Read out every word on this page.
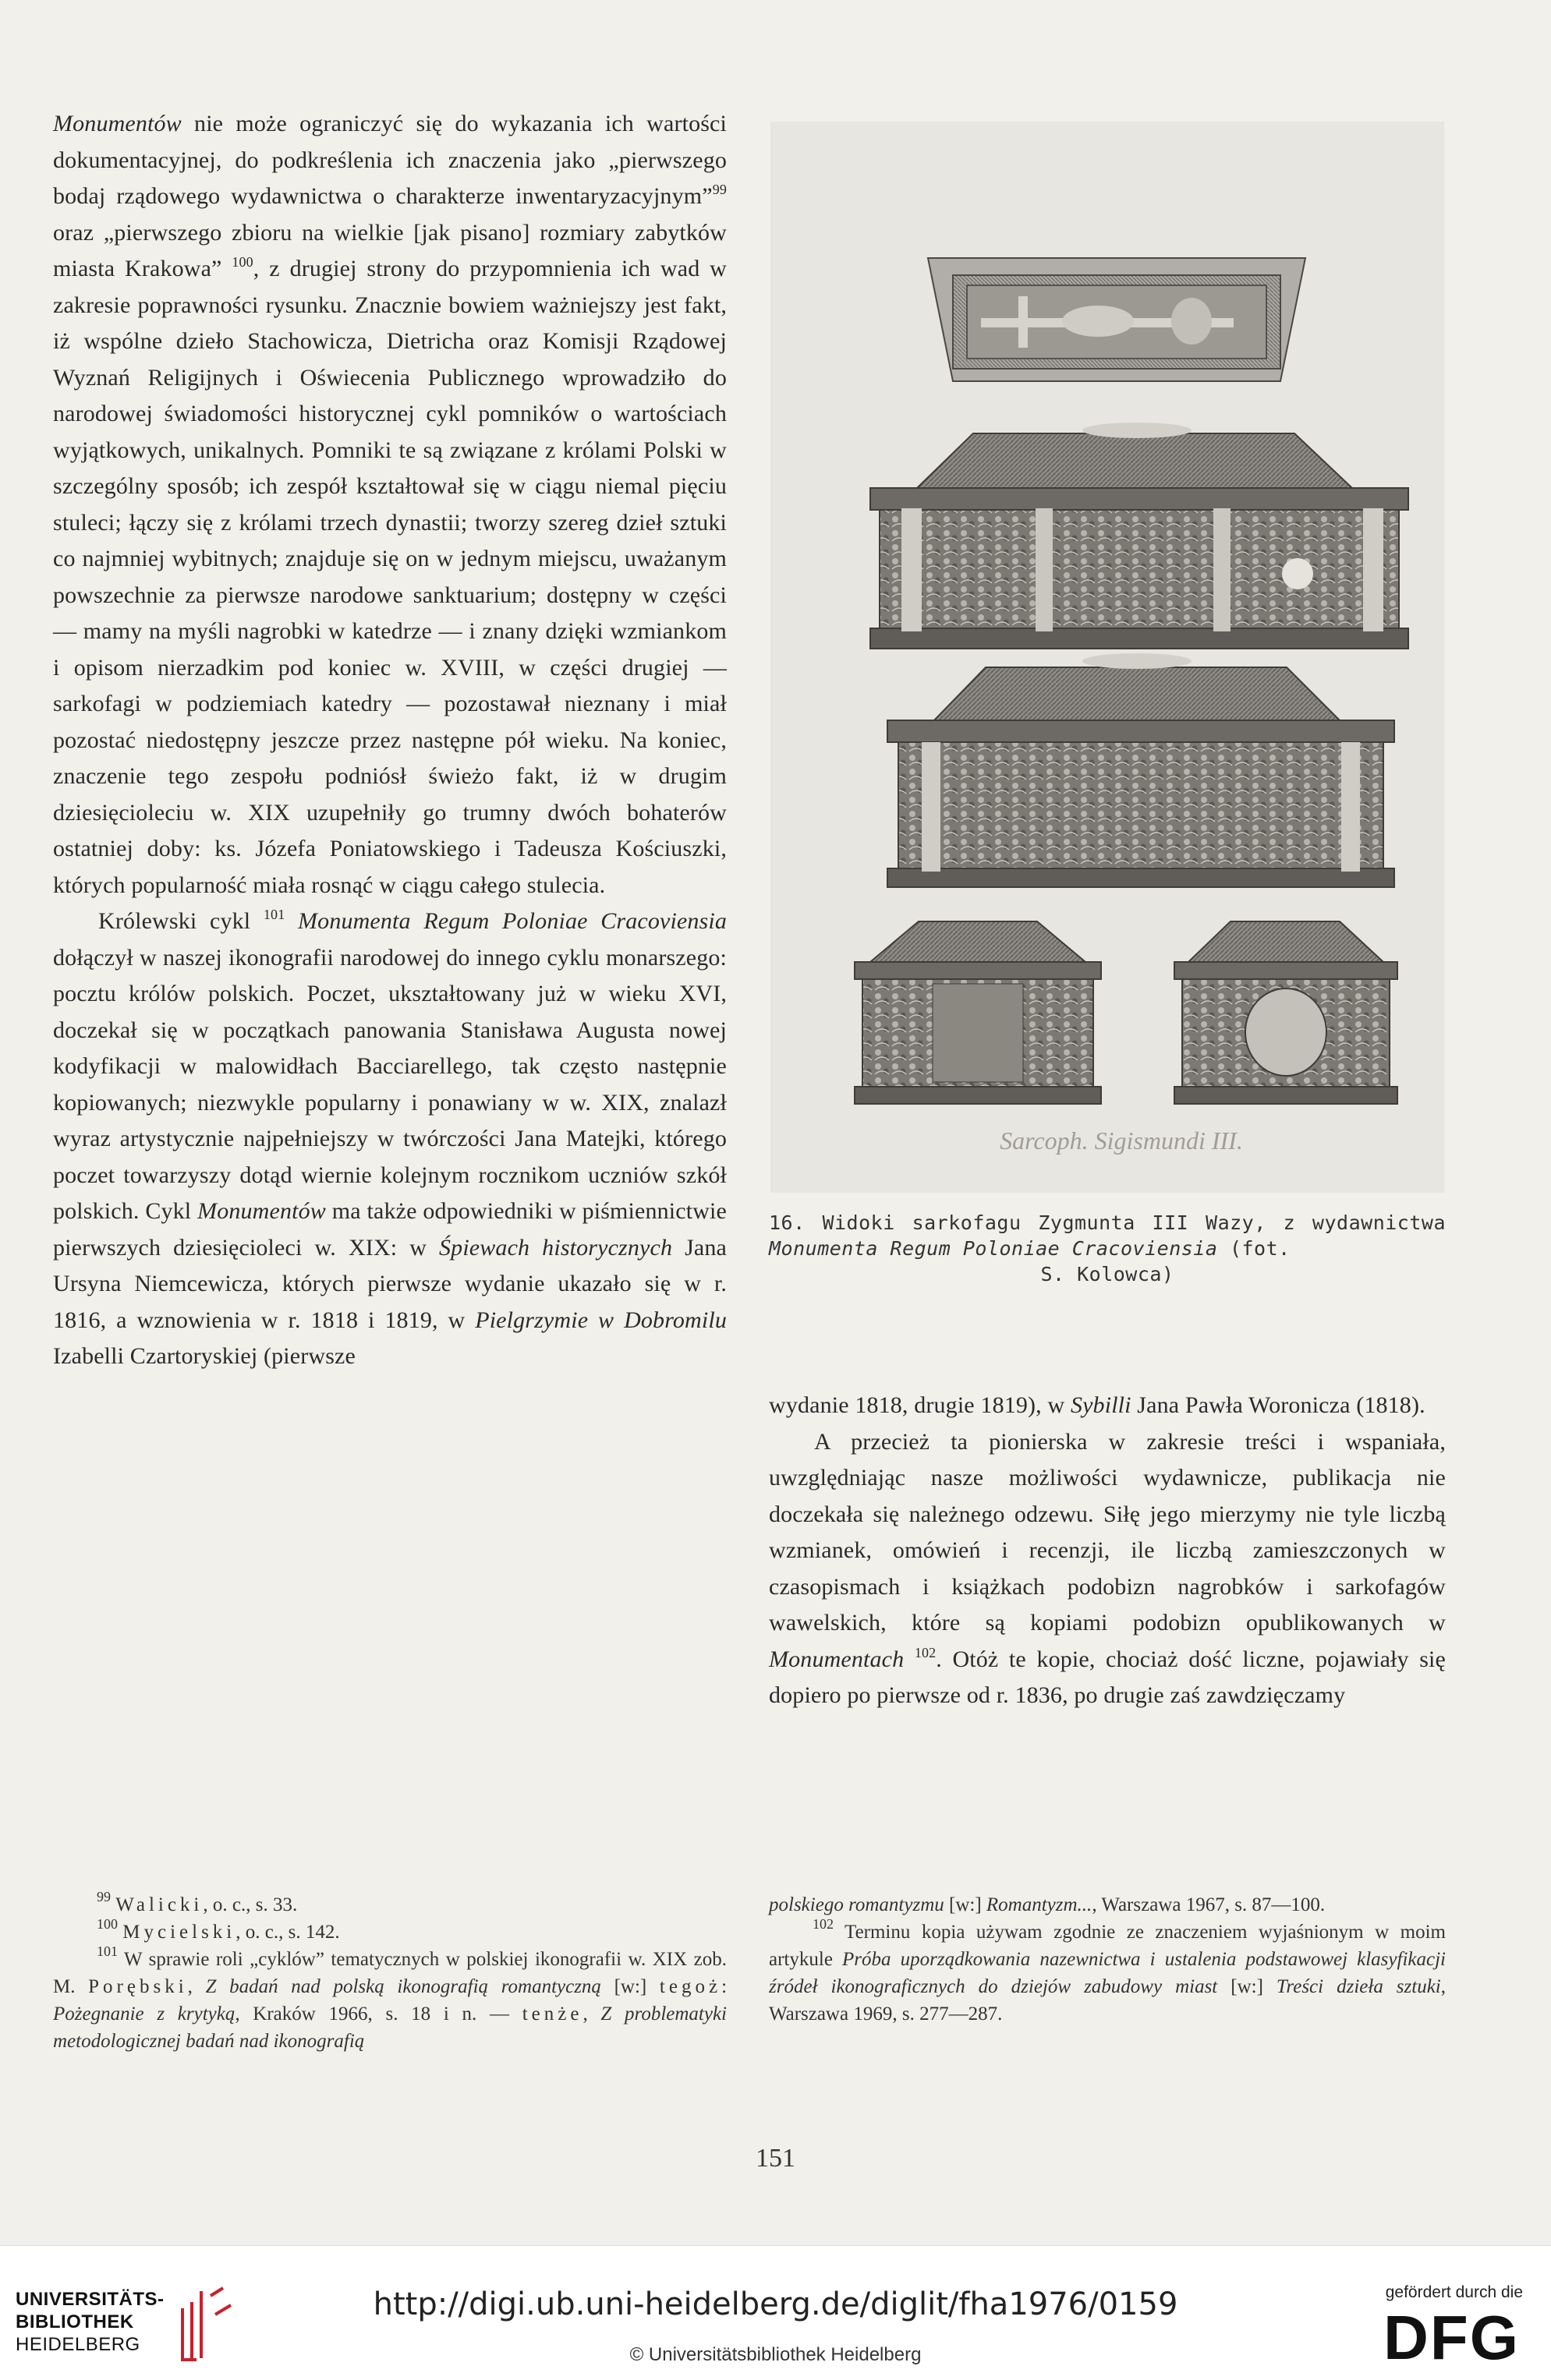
Monumentów nie może ograniczyć się do wykazania ich wartości dokumentacyjnej, do podkreślenia ich znaczenia jako „pierwszego bodaj rządowego wydawnictwa o charakterze inwentaryzacyjnym”$^{99}$ oraz „pierwszego zbioru na wielkie [jak pisano] rozmiary zabytków miasta Krakowa” $^{100}$, z drugiej strony do przypomnienia ich wad w zakresie poprawności rysunku. Znacznie bowiem ważniejszy jest fakt, iż wspólne dzieło Stachowicza, Dietricha oraz Komisji Rządowej Wyznań Religijnych i Oświecenia Publicznego wprowadziło do narodowej świadomości historycznej cykl pomników o wartościach wyjątkowych, unikalnych. Pomniki te są związane z królami Polski w szczególny sposób; ich zespół kształtował się w ciągu niemal pięciu stuleci; łączy się z królami trzech dynastii; tworzy szereg dzieł sztuki co najmniej wybitnych; znajduje się on w jednym miejscu, uważanym powszechnie za pierwsze narodowe sanktuarium; dostępny w części — mamy na myśli nagrobki w katedrze — i znany dzięki wzmiankom i opisom nierzadkim pod koniec w. XVIII, w części drugiej — sarkofagi w podziemiach katedry — pozostawał nieznany i miał pozostać niedostępny jeszcze przez następne pół wieku. Na koniec, znaczenie tego zespołu podniósł świeżo fakt, iż w drugim dziesięcioleciu w. XIX uzupełniły go trumny dwóch bohaterów ostatniej doby: ks. Józefa Poniatowskiego i Tadeusza Kościuszki, których popularność miała rosnąć w ciągu całego stulecia.

Królewski cykl $^{101}$ Monumenta Regum Poloniae Cracoviensia dołączył w naszej ikonografii narodowej do innego cyklu monarszego: pocztu królów polskich. Poczet, ukształtowany już w wieku XVI, doczekał się w początkach panowania Stanisława Augusta nowej kodyfikacji w malowidłach Bacciarellego, tak często następnie kopiowanych; niezwykle popularny i ponawiany w w. XIX, znalazł wyraz artystycznie najpełniejszy w twórczości Jana Matejki, którego poczet towarzyszy dotąd wiernie kolejnym rocznikom uczniów szkół polskich. Cykl Monumentów ma także odpowiedniki w piśmiennictwie pierwszych dziesięcioleci w. XIX: w Śpiewach historycznych Jana Ursyna Niemcewicza, których pierwsze wydanie ukazało się w r. 1816, a wznowienia w r. 1818 i 1819, w Pielgrzymie w Dobromilu Izabelli Czartoryskiej (pierwsze

Sarcoph. Sigismundi III.
16. Widoki sarkofagu Zygmunta III Wazy, z wydawnictwa Monumenta Regum Poloniae Cracoviensia (fot.
S. Kolowca)

wydanie 1818, drugie 1819), w Sybilli Jana Pawła Woronicza (1818).

A przecież ta pionierska w zakresie treści i wspaniała, uwzględniając nasze możliwości wydawnicze, publikacja nie doczekała się należnego odzewu. Siłę jego mierzymy nie tyle liczbą wzmianek, omówień i recenzji, ile liczbą zamieszczonych w czasopismach i książkach podobizn nagrobków i sarkofagów wawelskich, które są kopiami podobizn opublikowanych w Monumentach $^{102}$. Otóż te kopie, chociaż dość liczne, pojawiały się dopiero po pierwsze od r. 1836, po drugie zaś zawdzięczamy

$^{99}$ Walicki, o. c., s. 33.

$^{100}$ Mycielski, o. c., s. 142.

$^{101}$ W sprawie roli „cyklów” tematycznych w polskiej ikonografii w. XIX zob. M. Porębski, Z badań nad polską ikonografią romantyczną [w:] tegoż: Pożegnanie z krytyką, Kraków 1966, s. 18 i n. — tenże, Z problematyki metodologicznej badań nad ikonografią

polskiego romantyzmu [w:] Romantyzm..., Warszawa 1967, s. 87—100.

$^{102}$ Terminu kopia używam zgodnie ze znaczeniem wyjaśnionym w moim artykule Próba uporządkowania nazewnictwa i ustalenia podstawowej klasyfikacji źródeł ikonograficznych do dziejów zabudowy miast [w:] Treści dzieła sztuki, Warszawa 1969, s. 277—287.

151
UNIVERSITÄTS-
BIBLIOTHEK
HEIDELBERG
http://digi.ub.uni-heidelberg.de/diglit/fha1976/0159
© Universitätsbibliothek Heidelberg
gefördert durch die
DFG
